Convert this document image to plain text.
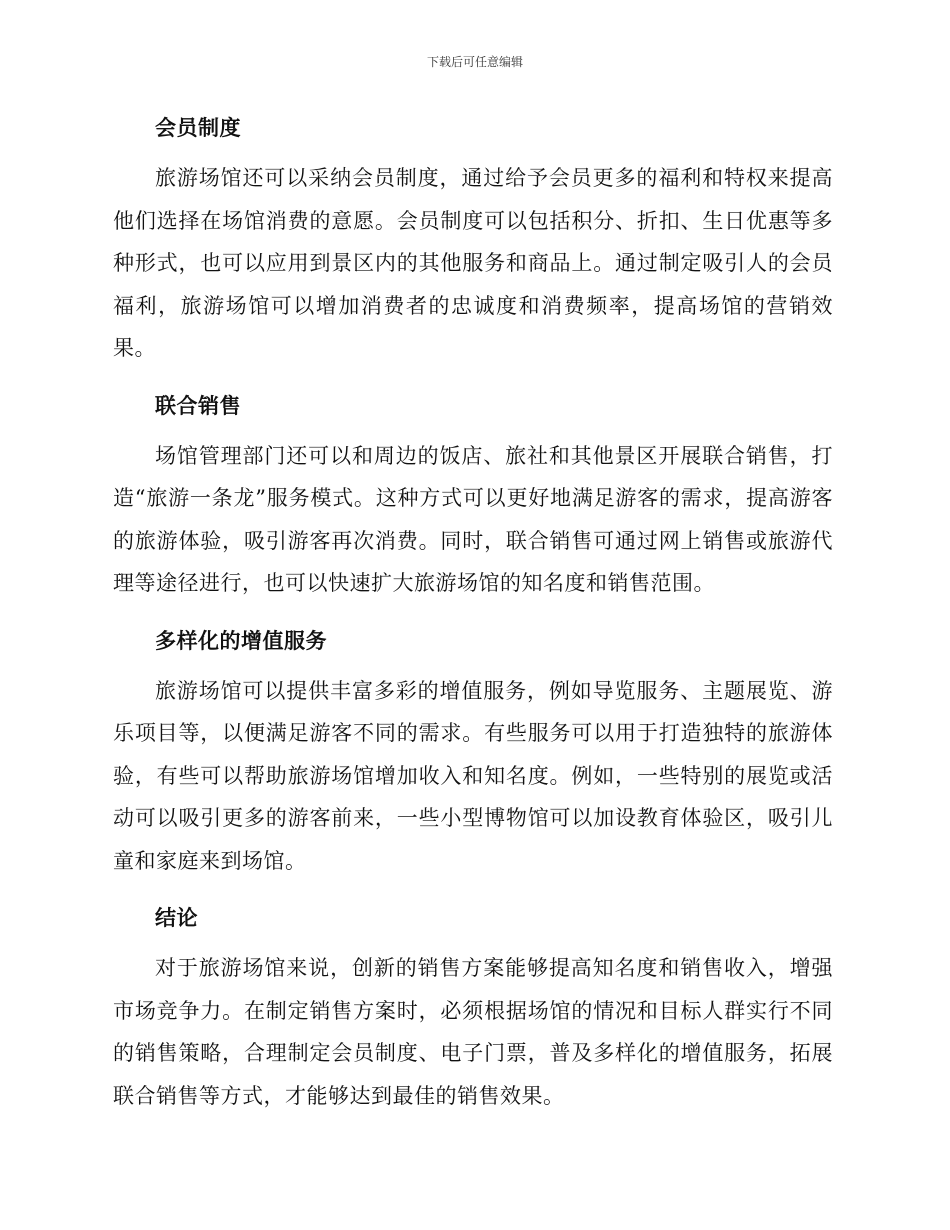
下载后可任意编辑
会员制度

旅游场馆还可以采纳会员制度，通过给予会员更多的福利和特权来提高他们选择在场馆消费的意愿。会员制度可以包括积分、折扣、生日优惠等多种形式，也可以应用到景区内的其他服务和商品上。通过制定吸引人的会员福利，旅游场馆可以增加消费者的忠诚度和消费频率，提高场馆的营销效果。

联合销售

场馆管理部门还可以和周边的饭店、旅社和其他景区开展联合销售，打造“旅游一条龙”服务模式。这种方式可以更好地满足游客的需求，提高游客的旅游体验，吸引游客再次消费。同时，联合销售可通过网上销售或旅游代理等途径进行，也可以快速扩大旅游场馆的知名度和销售范围。

多样化的增值服务

旅游场馆可以提供丰富多彩的增值服务，例如导览服务、主题展览、游乐项目等，以便满足游客不同的需求。有些服务可以用于打造独特的旅游体验，有些可以帮助旅游场馆增加收入和知名度。例如，一些特别的展览或活动可以吸引更多的游客前来，一些小型博物馆可以加设教育体验区，吸引儿童和家庭来到场馆。

结论

对于旅游场馆来说，创新的销售方案能够提高知名度和销售收入，增强市场竞争力。在制定销售方案时，必须根据场馆的情况和目标人群实行不同的销售策略，合理制定会员制度、电子门票，普及多样化的增值服务，拓展联合销售等方式，才能够达到最佳的销售效果。
